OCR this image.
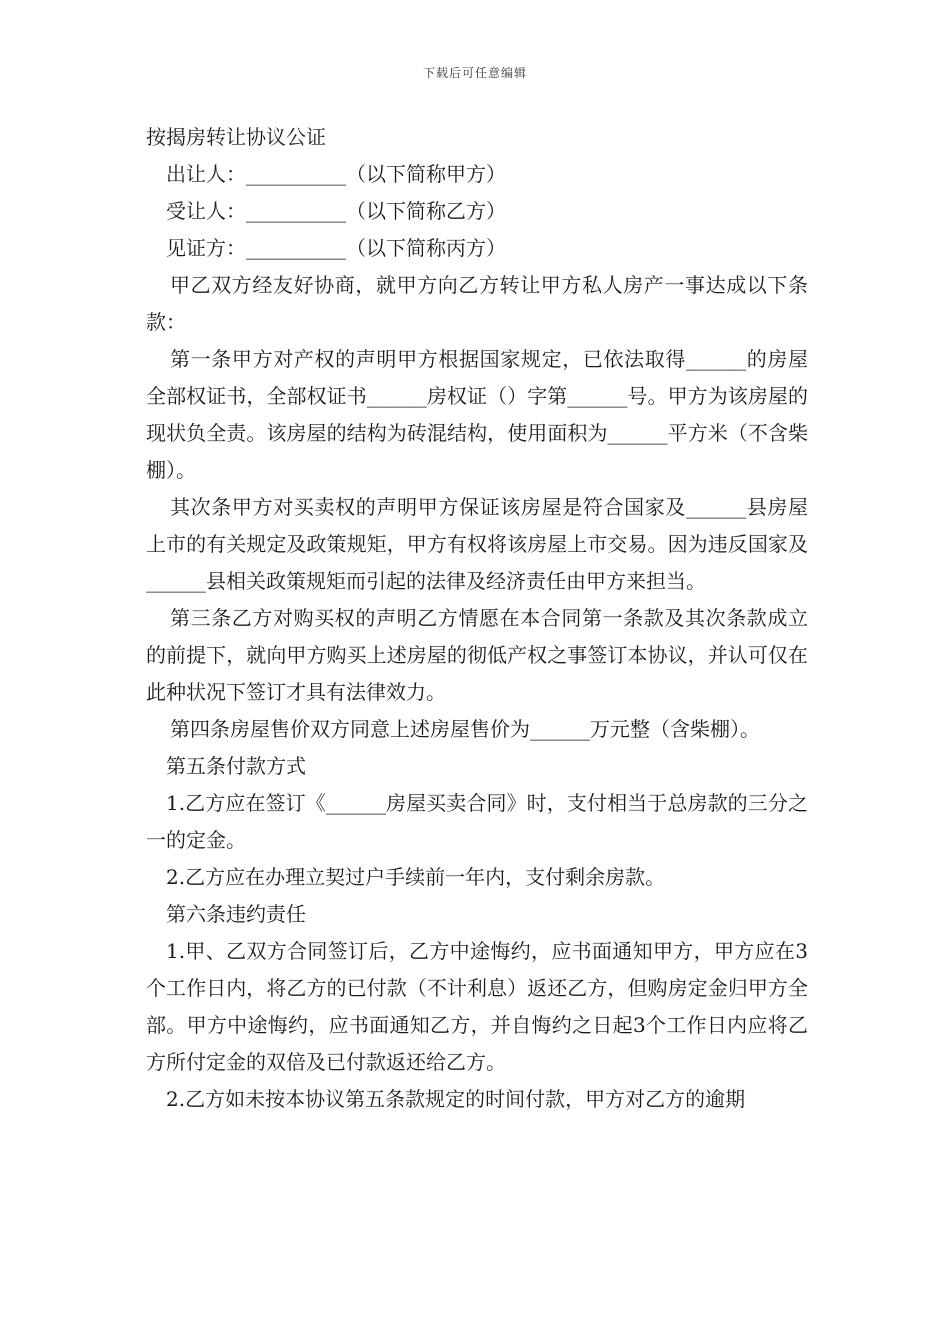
下载后可任意编辑

按揭房转让协议公证

出让人：__________（以下简称甲方）

受让人：__________（以下简称乙方）

见证方：__________（以下简称丙方）

甲乙双方经友好协商，就甲方向乙方转让甲方私人房产一事达成以下条款：

第一条甲方对产权的声明甲方根据国家规定，已依法取得______的房屋全部权证书，全部权证书______房权证（）字第______号。甲方为该房屋的现状负全责。该房屋的结构为砖混结构，使用面积为______平方米（不含柴棚）。

其次条甲方对买卖权的声明甲方保证该房屋是符合国家及______县房屋上市的有关规定及政策规矩，甲方有权将该房屋上市交易。因为违反国家及______县相关政策规矩而引起的法律及经济责任由甲方来担当。

第三条乙方对购买权的声明乙方情愿在本合同第一条款及其次条款成立的前提下，就向甲方购买上述房屋的彻低产权之事签订本协议，并认可仅在此种状况下签订才具有法律效力。

第四条房屋售价双方同意上述房屋售价为______万元整（含柴棚）。

第五条付款方式

1.乙方应在签订《______房屋买卖合同》时，支付相当于总房款的三分之一的定金。

2.乙方应在办理立契过户手续前一年内，支付剩余房款。

第六条违约责任

1.甲、乙双方合同签订后，乙方中途悔约，应书面通知甲方，甲方应在3个工作日内，将乙方的已付款（不计利息）返还乙方，但购房定金归甲方全部。甲方中途悔约，应书面通知乙方，并自悔约之日起3个工作日内应将乙方所付定金的双倍及已付款返还给乙方。

2.乙方如未按本协议第五条款规定的时间付款，甲方对乙方的逾期
